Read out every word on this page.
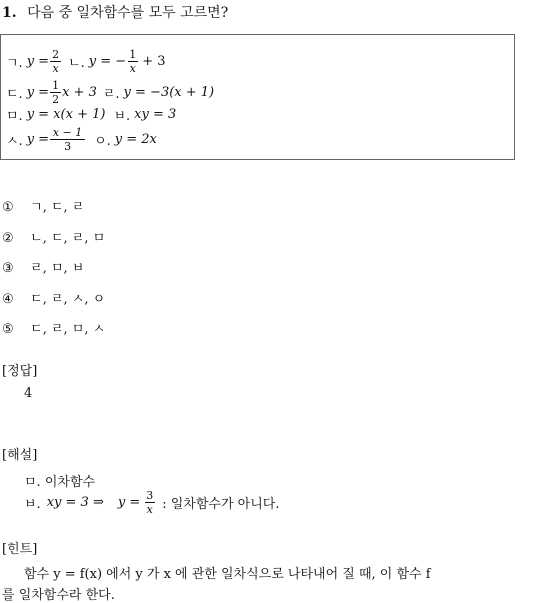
1. 다음 중 일차함수를 모두 고르면?
ㄱ. $y = \frac{2}{x}$ ㄴ. y = − $\frac{1}{x} + 3$
ㄷ. $y = \frac{1}{2}$ x + 3 ㄹ. y = −3(x + 1)
ㅁ. y = x(x + 1) ㅂ. xy = 3
ㅅ. $y = \frac{x - 1}{3}$ ㅇ. y = 2x
① ㄱ, ㄷ, ㄹ
② ㄴ, ㄷ, ㄹ, ㅁ
③ ㄹ, ㅁ, ㅂ
④ ㄷ, ㄹ, ㅅ, ㅇ
⑤ ㄷ, ㄹ, ㅁ, ㅅ
[정답]
4
[해설]
ㅁ. 이차함수
ㅂ. xy = 3 ⇒ $y = \frac{3}{x}$ : 일차함수가 아니다.
[힌트]
함수 y = f(x) 에서 y 가 x 에 관한 일차식으로 나타내어 질 때, 이 함수 f
를 일차함수라 한다.
